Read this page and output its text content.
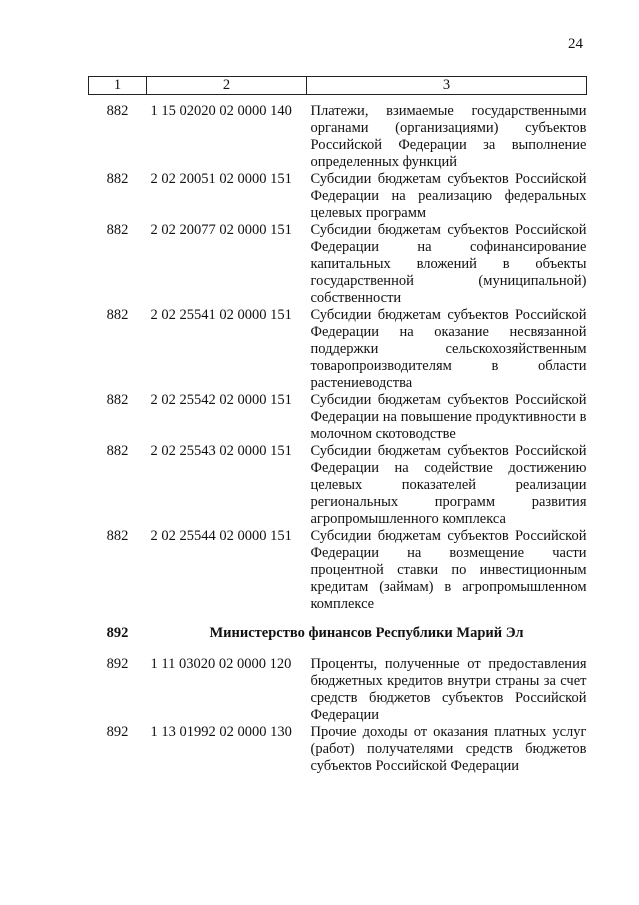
24
1	2	3
882	1 15 02020 02 0000 140	Платежи, взимаемые государственными органами (организациями) субъектов Российской Федерации за выполнение определенных функций
882	2 02 20051 02 0000 151	Субсидии бюджетам субъектов Российской Федерации на реализацию федеральных целевых программ
882	2 02 20077 02 0000 151	Субсидии бюджетам субъектов Российской Федерации на софинансирование капитальных вложений в объекты государственной (муниципальной) собственности
882	2 02 25541 02 0000 151	Субсидии бюджетам субъектов Российской Федерации на оказание несвязанной поддержки сельскохозяйственным товаропроизводителям в области растениеводства
882	2 02 25542 02 0000 151	Субсидии бюджетам субъектов Российской Федерации на повышение продуктивности в молочном скотоводстве
882	2 02 25543 02 0000 151	Субсидии бюджетам субъектов Российской Федерации на содействие достижению целевых показателей реализации региональных программ развития агропромышленного комплекса
882	2 02 25544 02 0000 151	Субсидии бюджетам субъектов Российской Федерации на возмещение части процентной ставки по инвестиционным кредитам (займам) в агропромышленном комплексе
892	Министерство финансов Республики Марий Эл	
892	1 11 03020 02 0000 120	Проценты, полученные от предоставления бюджетных кредитов внутри страны за счет средств бюджетов субъектов Российской Федерации
892	1 13 01992 02 0000 130	Прочие доходы от оказания платных услуг (работ) получателями средств бюджетов субъектов Российской Федерации
